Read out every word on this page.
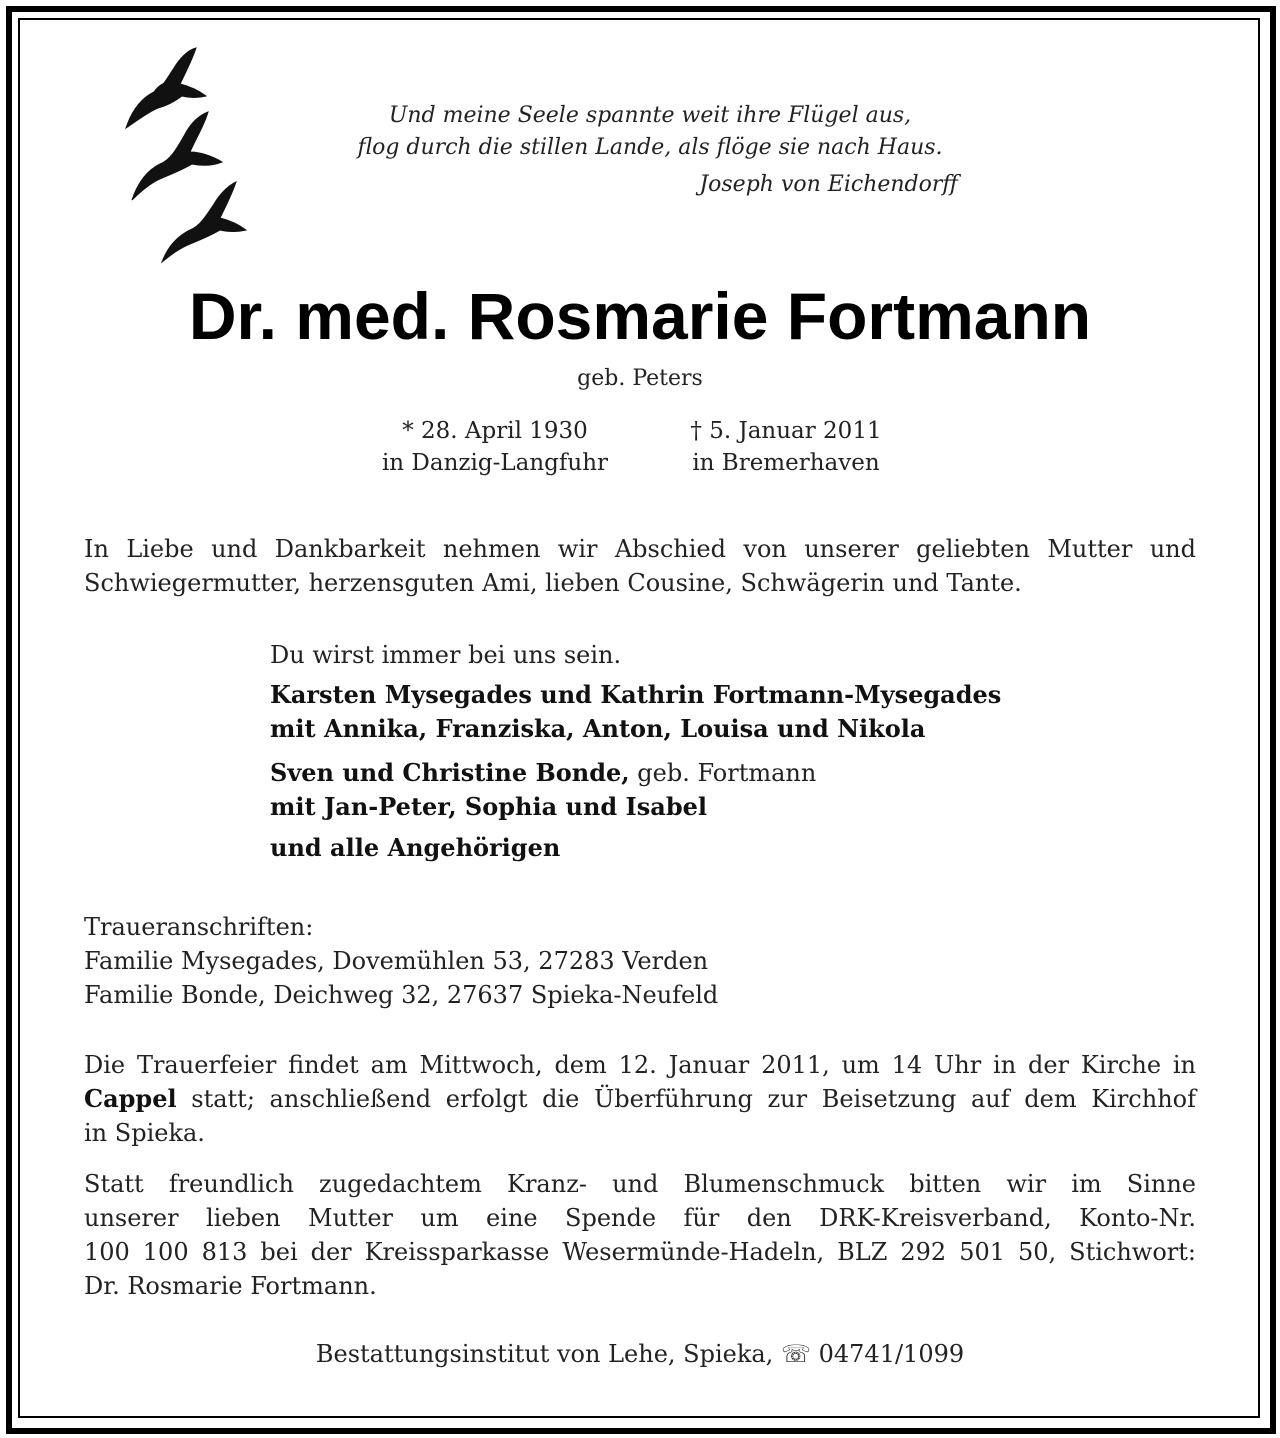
Und meine Seele spannte weit ihre Flügel aus,
flog durch die stillen Lande, als flöge sie nach Haus.
Joseph von Eichendorff
Dr. med. Rosmarie Fortmann
geb. Peters
* 28. April 1930
in Danzig-Langfuhr
† 5. Januar 2011
in Bremerhaven
In Liebe und Dankbarkeit nehmen wir Abschied von unserer geliebten Mutter und
Schwiegermutter, herzensguten Ami, lieben Cousine, Schwägerin und Tante.
Du wirst immer bei uns sein.
Karsten Mysegades und Kathrin Fortmann-Mysegades
mit Annika, Franziska, Anton, Louisa und Nikola
Sven und Christine Bonde, geb. Fortmann
mit Jan-Peter, Sophia und Isabel
und alle Angehörigen
Traueranschriften:
Familie Mysegades, Dovemühlen 53, 27283 Verden
Familie Bonde, Deichweg 32, 27637 Spieka-Neufeld
Die Trauerfeier findet am Mittwoch, dem 12. Januar 2011, um 14 Uhr in der Kirche in
Cappel statt; anschließend erfolgt die Überführung zur Beisetzung auf dem Kirchhof
in Spieka.
Statt freundlich zugedachtem Kranz- und Blumenschmuck bitten wir im Sinne
unserer lieben Mutter um eine Spende für den DRK-Kreisverband, Konto-Nr.
100 100 813 bei der Kreissparkasse Wesermünde-Hadeln, BLZ 292 501 50, Stichwort:
Dr. Rosmarie Fortmann.
Bestattungsinstitut von Lehe, Spieka, ☏ 04741/1099
